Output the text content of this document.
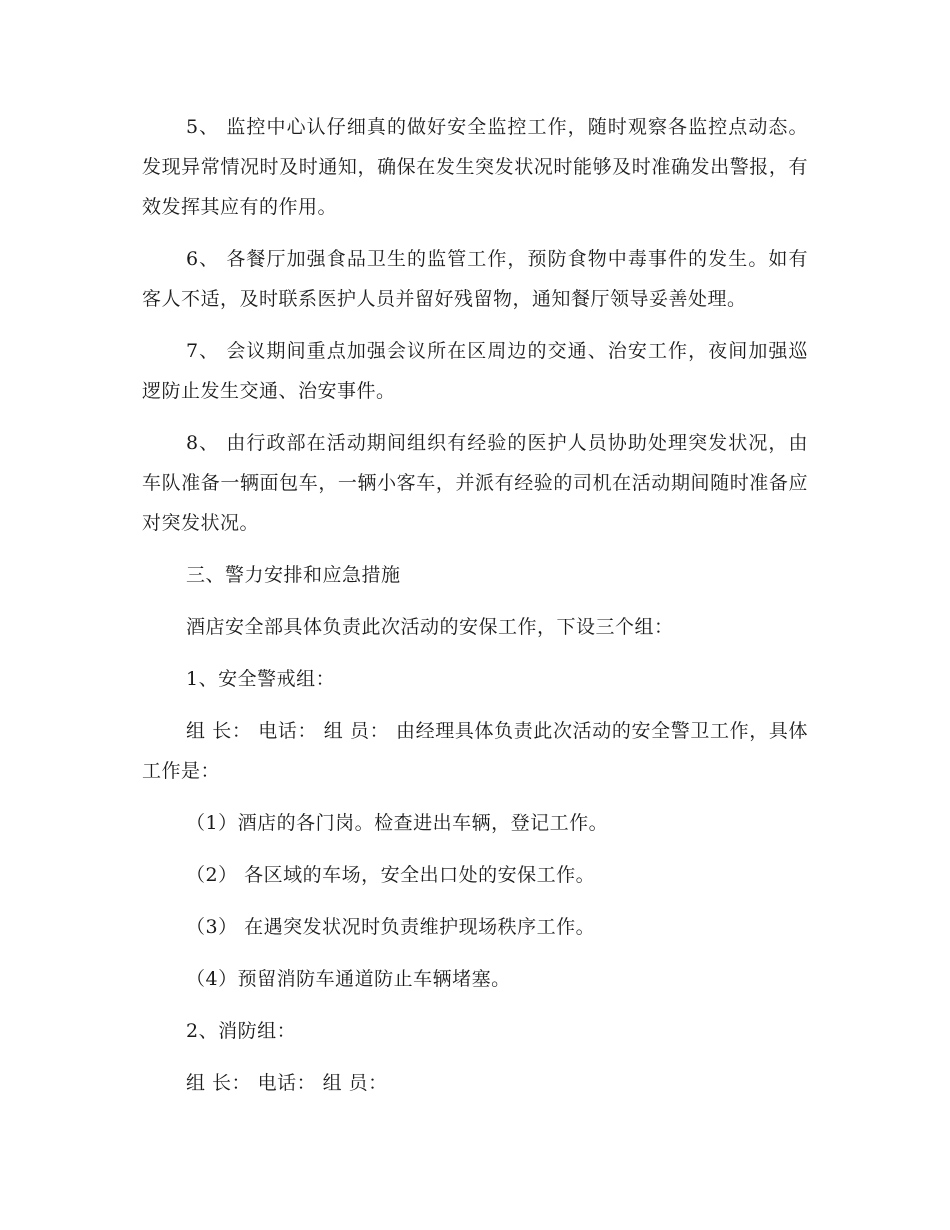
5、 监控中心认仔细真的做好安全监控工作，随时观察各监控点动态。发现异常情况时及时通知，确保在发生突发状况时能够及时准确发出警报，有效发挥其应有的作用。

6、 各餐厅加强食品卫生的监管工作，预防食物中毒事件的发生。如有客人不适，及时联系医护人员并留好残留物，通知餐厅领导妥善处理。

7、 会议期间重点加强会议所在区周边的交通、治安工作，夜间加强巡逻防止发生交通、治安事件。

8、 由行政部在活动期间组织有经验的医护人员协助处理突发状况，由车队准备一辆面包车，一辆小客车，并派有经验的司机在活动期间随时准备应对突发状况。

三、警力安排和应急措施

酒店安全部具体负责此次活动的安保工作，下设三个组：

1、安全警戒组：

组 长： 电话： 组 员： 由经理具体负责此次活动的安全警卫工作，具体工作是：

（1）酒店的各门岗。检查进出车辆，登记工作。

（2） 各区域的车场，安全出口处的安保工作。

（3） 在遇突发状况时负责维护现场秩序工作。

（4）预留消防车通道防止车辆堵塞。

2、消防组：

组 长： 电话： 组 员：
